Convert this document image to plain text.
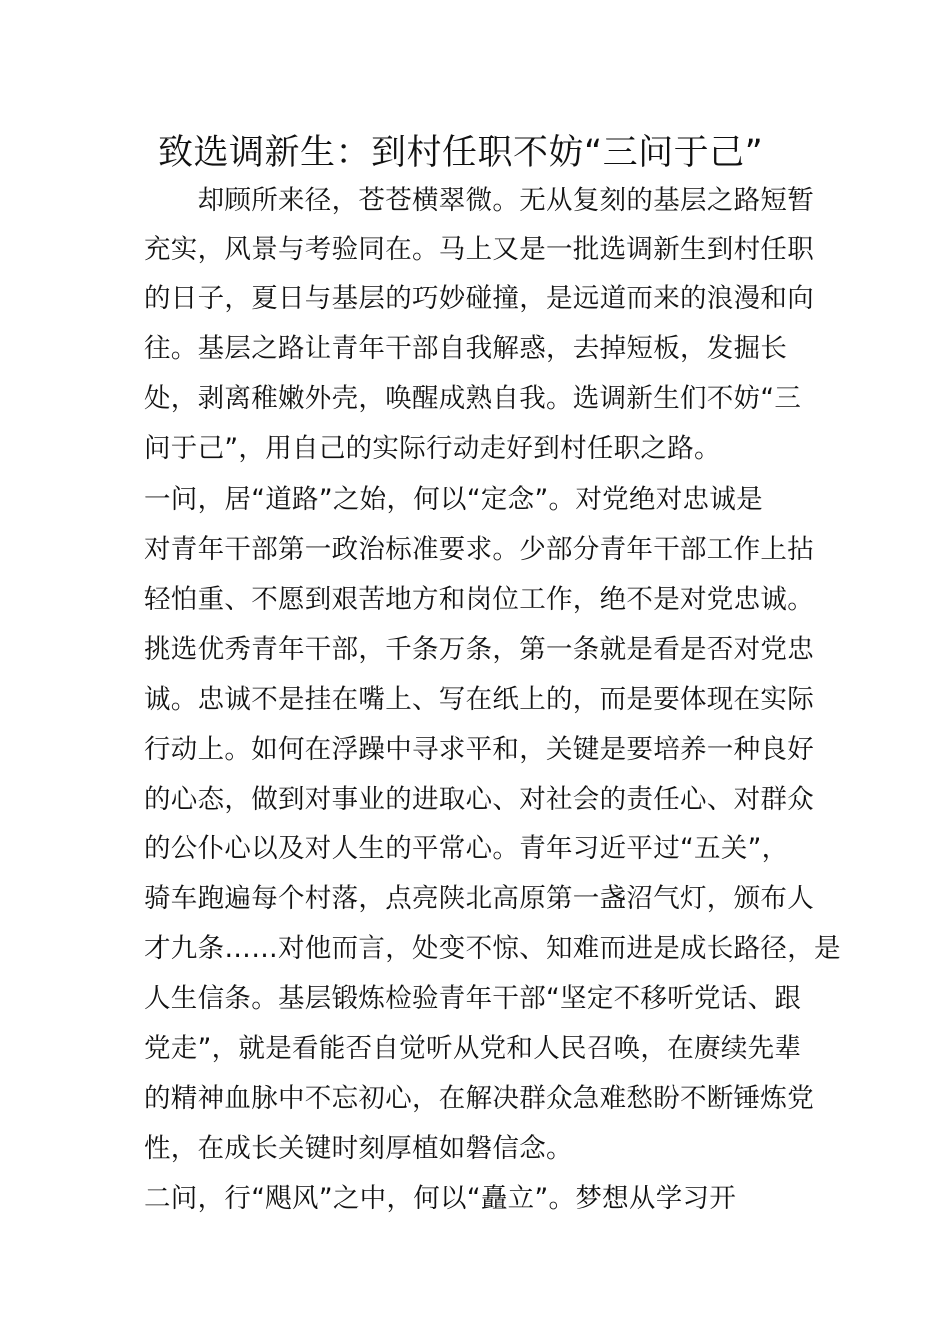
致选调新生：到村任职不妨“三问于己”
　　却顾所来径，苍苍横翠微。无从复刻的基层之路短暂
充实，风景与考验同在。马上又是一批选调新生到村任职
的日子，夏日与基层的巧妙碰撞，是远道而来的浪漫和向
往。基层之路让青年干部自我解惑，去掉短板，发掘长
处，剥离稚嫩外壳，唤醒成熟自我。选调新生们不妨“三
问于己”，用自己的实际行动走好到村任职之路。
一问，居“道路”之始，何以“定念”。对党绝对忠诚是
对青年干部第一政治标准要求。少部分青年干部工作上拈
轻怕重、不愿到艰苦地方和岗位工作，绝不是对党忠诚。
挑选优秀青年干部，千条万条，第一条就是看是否对党忠
诚。忠诚不是挂在嘴上、写在纸上的，而是要体现在实际
行动上。如何在浮躁中寻求平和，关键是要培养一种良好
的心态，做到对事业的进取心、对社会的责任心、对群众
的公仆心以及对人生的平常心。青年习近平过“五关”，
骑车跑遍每个村落，点亮陕北高原第一盏沼气灯，颁布人
才九条……对他而言，处变不惊、知难而进是成长路径，是
人生信条。基层锻炼检验青年干部“坚定不移听党话、跟
党走”，就是看能否自觉听从党和人民召唤，在赓续先辈
的精神血脉中不忘初心，在解决群众急难愁盼不断锤炼党
性，在成长关键时刻厚植如磐信念。
二问，行“飓风”之中，何以“矗立”。梦想从学习开
